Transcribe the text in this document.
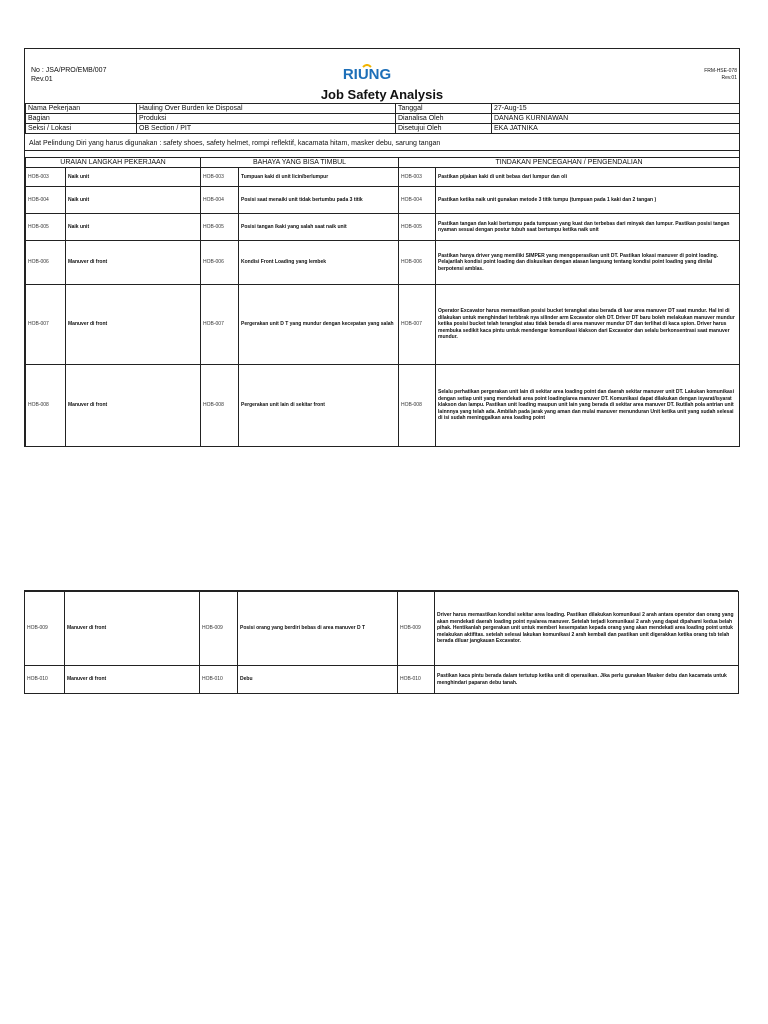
No : JSA/PRO/EMB/007
Rev.01	RIUNG	FRM-HSE-078
Rev.01
Job Safety Analysis
Nama Pekerjaan	Hauling Over Burden ke Disposal	Tanggal	27-Aug-15
Bagian	Produksi	Dianalisa Oleh	DANANG KURNIAWAN
Seksi / Lokasi	OB Section / PIT	Disetujui Oleh	EKA JATNIKA
Alat Pelindung Diri yang harus digunakan : safety shoes, safety helmet, rompi reflektif, kacamata hitam, masker debu, sarung tangan
URAIAN LANGKAH PEKERJAAN		BAHAYA YANG BISA TIMBUL		TINDAKAN PENCEGAHAN / PENGENDALIAN	
HOB-003	Naik unit	HOB-003	Tumpuan kaki di unit licin/berlumpur	HOB-003	Pastikan pijakan kaki di unit bebas dari lumpur dan oli
HOB-004	Naik unit	HOB-004	Posisi saat menaiki unit tidak bertumbu pada 3 titik	HOB-004	Pastikan ketika naik unit gunakan metode 3 titik tumpu (tumpuan pada 1 kaki dan 2 tangan )
HOB-005	Naik unit	HOB-005	Posisi tangan /kaki yang salah saat naik unit	HOB-005	Pastikan tangan dan kaki bertumpu pada tumpuan yang kuat dan terbebas dari minyak dan lumpur. Pastikan posisi tangan nyaman sesuai dengan postur tubuh saat bertumpu ketika naik unit
HOB-006	Manuver di front	HOB-006	Kondisi Front Loading yang lembek	HOB-006	Pastikan hanya driver yang memiliki SIMPER yang mengoperasikan unit DT. Pastikan lokasi manuver di point loading. Pelajarilah kondisi point loading dan diskusikan dengan atasan langsung tentang kondisi point loading yang dinilai berpotensi amblas.
HOB-007	Manuver di front	HOB-007	Pergerakan unit D T yang mundur dengan kecepatan yang salah	HOB-007	Operator Excavator harus memastikan posisi bucket terangkat atau berada di luar area manuver DT saat mundur. Hal ini di dilakukan untuk menghindari terbbrak nya silinder arm Excavator oleh DT. Driver DT baru boleh melakukan manuver mundur ketika posisi bucket telah terangkat atau tidak berada di area manuver mundur DT dan terlihat di kaca spion. Driver harus membuka sedikit kaca pintu untuk mendengar komunikasi klakson dari Excavator dan selalu berkonsentrasi saat manuver mundur.
HOB-008	Manuver di front	HOB-008	Pergerakan unit lain di sekitar front	HOB-008	Selalu perhatikan pergerakan unit lain di sekitar area loading point dan daerah sekitar manuver unit DT. Lakukan komunikasi dengan setiap unit yang mendekati area point loading/area manuver DT. Komunikasi dapat dilakukan dengan isyarat/isyarat klakson dan lampu. Pastikan unit loading maupun unit lain yang berada di sekitar area manuver DT. Ikutilah pola antrian unit lainnnya yang telah ada. Ambilah pada jarak yang aman dan mulai manuver menunduran Unit ketika unit yang sudah selesai di isi sudah meninggalkan area loading point
HOB-009	Manuver di front	HOB-009	Posisi orang yang berdiri bebas di area manuver D T	HOB-009	Driver harus memastikan kondisi sekitar area loading. Pastikan dilakukan komunikasi 2 arah antara operator dan orang yang akan mendekati daerah loading point nya/area manuver. Setelah terjadi komunikasi 2 arah yang dapat dipahami kedua belah pihak. Hentikanlah pergerakan unit untuk memberi kesempatan kepada orang yang akan mendekati area loading point untuk melakukan aktifitas. setelah selesai lakukan komunikasi 2 arah kembali dan pastikan unit digerakkan ketika orang tsb telah berada diluar jangkauan Excavator.
HOB-010	Manuver di front	HOB-010	Debu	HOB-010	Pastikan kaca pintu berada dalam tertutup ketika unit di operasikan. Jika perlu gunakan Masker debu dan kacamata untuk menghindari paparan debu tanah.
